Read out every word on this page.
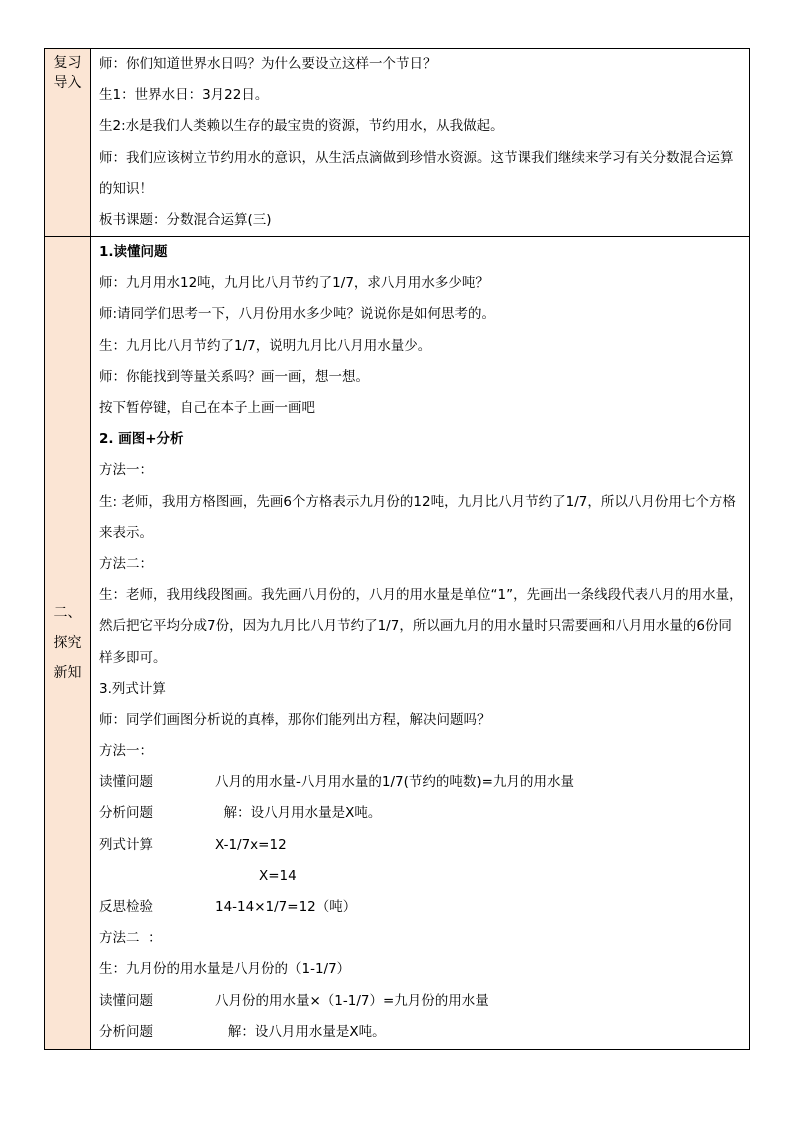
复习导入
师：你们知道世界水日吗？为什么要设立这样一个节日？
生1：世界水日：3月22日。
生2:水是我们人类赖以生存的最宝贵的资源，节约用水，从我做起。
师：我们应该树立节约用水的意识，从生活点滴做到珍惜水资源。这节课我们继续来学习有关分数混合运算的知识！
板书课题：分数混合运算(三)
二、探究新知
1.读懂问题
师：九月用水12吨，九月比八月节约了1/7，求八月用水多少吨？
师:请同学们思考一下，八月份用水多少吨？说说你是如何思考的。
生：九月比八月节约了1/7，说明九月比八月用水量少。
师：你能找到等量关系吗？画一画，想一想。
按下暂停键，自己在本子上画一画吧
2. 画图+分析
方法一：
生: 老师，我用方格图画，先画6个方格表示九月份的12吨，九月比八月节约了1/7，所以八月份用七个方格来表示。
方法二：
生：老师，我用线段图画。我先画八月份的，八月的用水量是单位“1”，先画出一条线段代表八月的用水量，然后把它平均分成7份，因为九月比八月节约了1/7，所以画九月的用水量时只需要画和八月用水量的6份同样多即可。
3.列式计算
师：同学们画图分析说的真棒，那你们能列出方程，解决问题吗？
方法一：
读懂问题	八月的用水量-八月用水量的1/7(节约的吨数)=九月的用水量
分析问题	解：设八月用水量是X吨。
列式计算	X-1/7x=12
X=14
反思检验	14-14×1/7=12（吨）
方法二  ：
生：九月份的用水量是八月份的（1-1/7）
读懂问题	八月份的用水量×（1-1/7）=九月份的用水量
分析问题	解：设八月用水量是X吨。
